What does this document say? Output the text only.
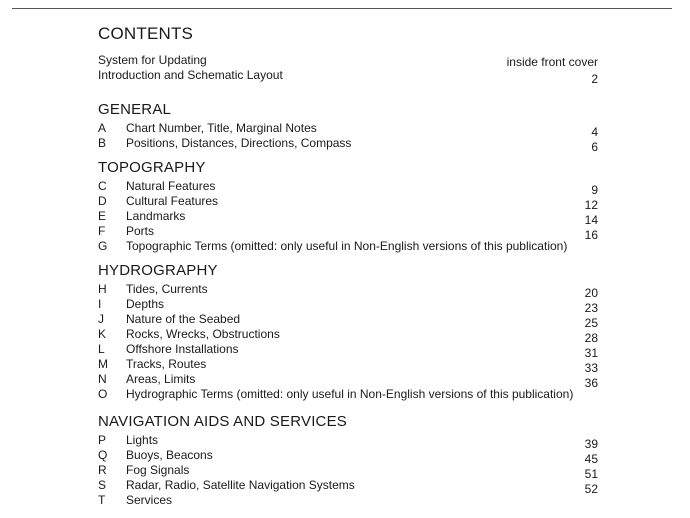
CONTENTS
System for Updating	inside front cover
Introduction and Schematic Layout	2
GENERAL
A Chart Number, Title, Marginal Notes	4
B Positions, Distances, Directions, Compass	6
TOPOGRAPHY
C Natural Features	9
D Cultural Features	12
E Landmarks	14
F Ports	16
G Topographic Terms (omitted: only useful in Non-English versions of this publication)
HYDROGRAPHY
H Tides, Currents	20
I Depths	23
J Nature of the Seabed	25
K Rocks, Wrecks, Obstructions	28
L Offshore Installations	31
M Tracks, Routes	33
N Areas, Limits	36
O Hydrographic Terms (omitted: only useful in Non-English versions of this publication)
NAVIGATION AIDS AND SERVICES
P Lights	39
Q Buoys, Beacons	45
R Fog Signals	51
S Radar, Radio, Satellite Navigation Systems	52
T Services
